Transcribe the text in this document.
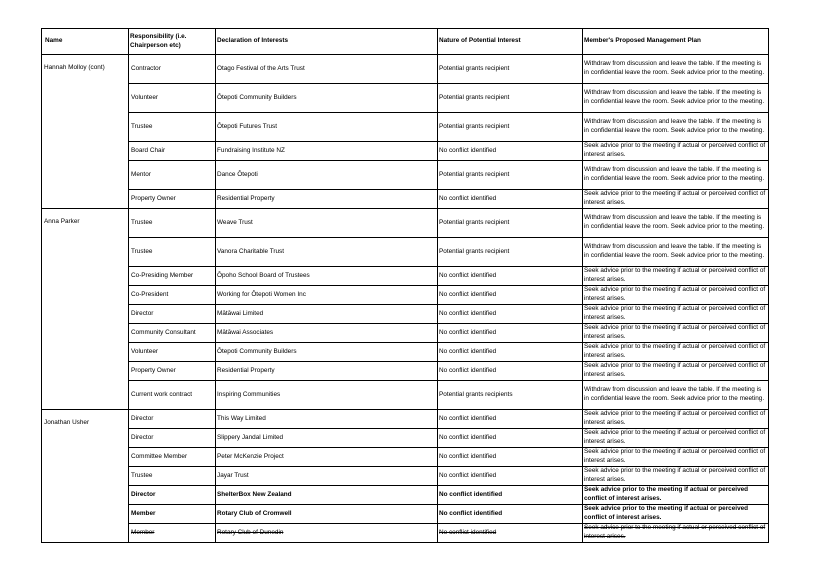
Name	Responsibility (i.e. Chairperson etc)	Declaration of Interests	Nature of Potential Interest	Member's Proposed Management Plan
Hannah Molloy (cont)	Contractor	Otago Festival of the Arts Trust	Potential grants recipient	Withdraw from discussion and leave the table. If the meeting is in confidential leave the room. Seek advice prior to the meeting.
	Volunteer	Ōtepoti Community Builders	Potential grants recipient	Withdraw from discussion and leave the table. If the meeting is in confidential leave the room. Seek advice prior to the meeting.
	Trustee	Ōtepoti Futures Trust	Potential grants recipient	Withdraw from discussion and leave the table. If the meeting is in confidential leave the room. Seek advice prior to the meeting.
	Board Chair	Fundraising Institute NZ	No conflict identified	Seek advice prior to the meeting if actual or perceived conflict of interest arises.
	Mentor	Dance Ōtepoti	Potential grants recipient	Withdraw from discussion and leave the table. If the meeting is in confidential leave the room. Seek advice prior to the meeting.
	Property Owner	Residential Property	No conflict identified	Seek advice prior to the meeting if actual or perceived conflict of interest arises.
Anna Parker	Trustee	Weave Trust	Potential grants recipient	Withdraw from discussion and leave the table. If the meeting is in confidential leave the room. Seek advice prior to the meeting.
	Trustee	Vanora Charitable Trust	Potential grants recipient	Withdraw from discussion and leave the table. If the meeting is in confidential leave the room. Seek advice prior to the meeting.
	Co-Presiding Member	Ōpoho School Board of Trustees	No conflict identified	Seek advice prior to the meeting if actual or perceived conflict of interest arises.
	Co-President	Working for Ōtepoti Women Inc	No conflict identified	Seek advice prior to the meeting if actual or perceived conflict of interest arises.
	Director	Mātāwai Limited	No conflict identified	Seek advice prior to the meeting if actual or perceived conflict of interest arises.
	Community Consultant	Mātāwai Associates	No conflict identified	Seek advice prior to the meeting if actual or perceived conflict of interest arises.
	Volunteer	Ōtepoti Community Builders	No conflict identified	Seek advice prior to the meeting if actual or perceived conflict of interest arises.
	Property Owner	Residential Property	No conflict identified	Seek advice prior to the meeting if actual or perceived conflict of interest arises.
	Current work contract	Inspiring Communities	Potential grants recipients	Withdraw from discussion and leave the table. If the meeting is in confidential leave the room. Seek advice prior to the meeting.
Jonathan Usher	Director	This Way Limited	No conflict identified	Seek advice prior to the meeting if actual or perceived conflict of interest arises.
	Director	Slippery Jandal Limited	No conflict identified	Seek advice prior to the meeting if actual or perceived conflict of interest arises.
	Committee Member	Peter McKenzie Project	No conflict identified	Seek advice prior to the meeting if actual or perceived conflict of interest arises.
	Trustee	Jayar Trust	No conflict identified	Seek advice prior to the meeting if actual or perceived conflict of interest arises.
	Director	ShelterBox New Zealand	No conflict identified	Seek advice prior to the meeting if actual or perceived conflict of interest arises.
	Member	Rotary Club of Cromwell	No conflict identified	Seek advice prior to the meeting if actual or perceived conflict of interest arises.
	Member	Rotary Club of Dunedin	No conflict identified	Seek advice prior to the meeting if actual or perceived conflict of interest arises.
